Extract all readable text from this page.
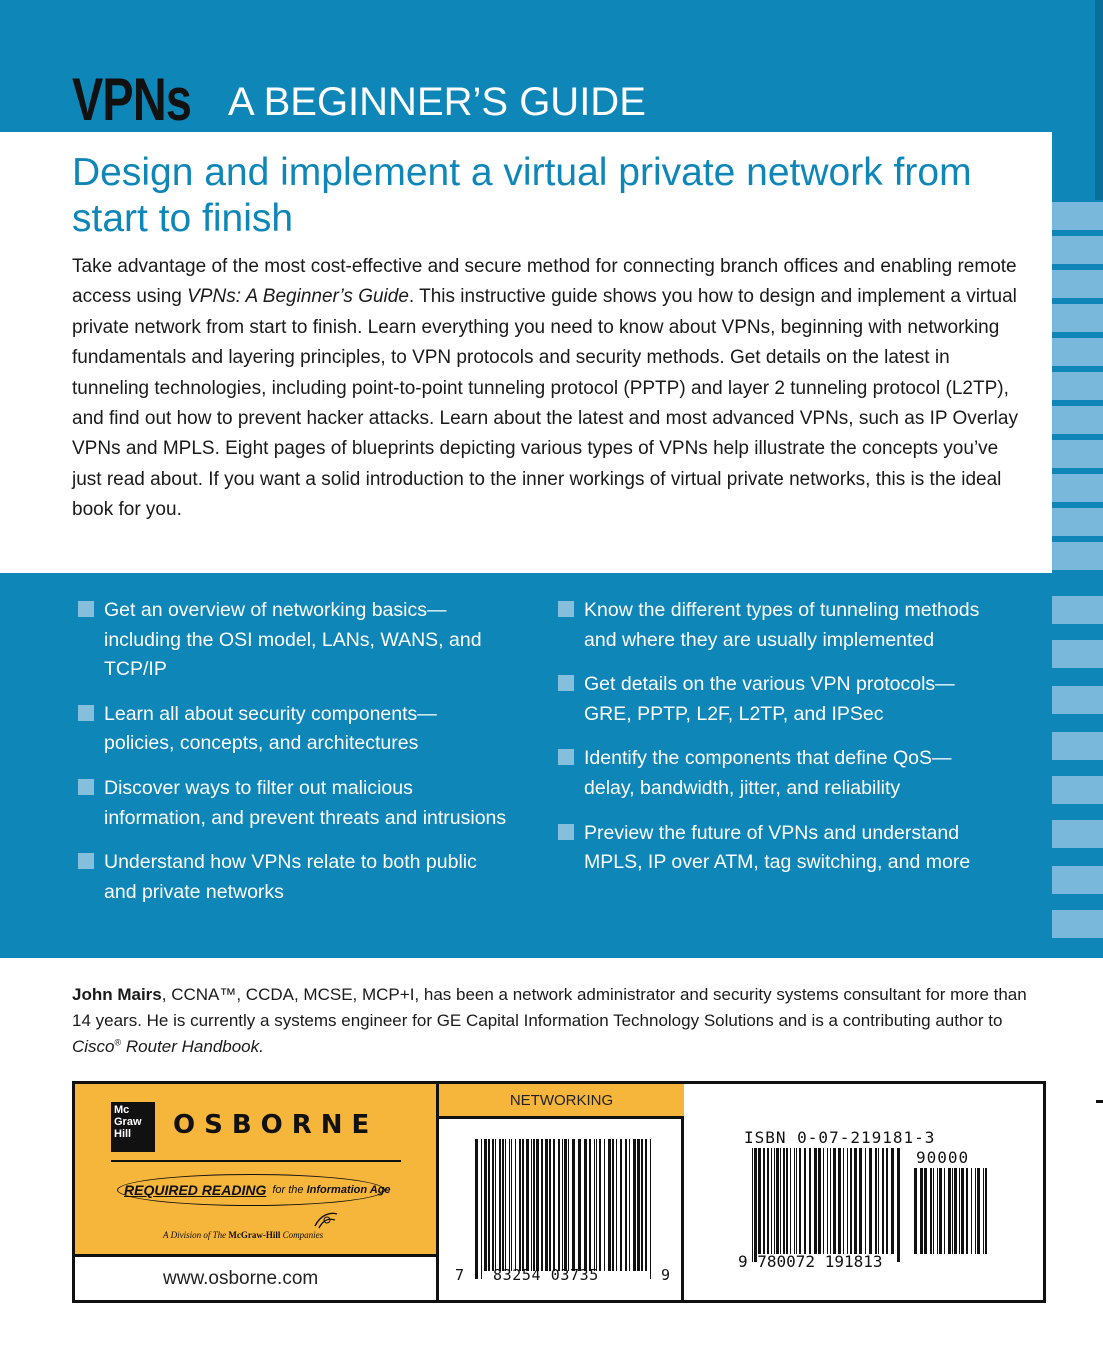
VPNs A BEGINNER’S GUIDE
Design and implement a virtual private network from start to finish

Take advantage of the most cost-effective and secure method for connecting branch offices and enabling remote access using VPNs: A Beginner’s Guide. This instructive guide shows you how to design and implement a virtual private network from start to finish. Learn everything you need to know about VPNs, beginning with networking fundamentals and layering principles, to VPN protocols and security methods. Get details on the latest in tunneling technologies, including point-to-point tunneling protocol (PPTP) and layer 2 tunneling protocol (L2TP), and find out how to prevent hacker attacks. Learn about the latest and most advanced VPNs, such as IP Overlay VPNs and MPLS. Eight pages of blueprints depicting various types of VPNs help illustrate the concepts you’ve just read about. If you want a solid introduction to the inner workings of virtual private networks, this is the ideal book for you.

Get an overview of networking basics— including the OSI model, LANs, WANS, and TCP/IP
Learn all about security components— policies, concepts, and architectures
Discover ways to filter out malicious information, and prevent threats and intrusions
Understand how VPNs relate to both public and private networks
Know the different types of tunneling methods and where they are usually implemented
Get details on the various VPN protocols— GRE, PPTP, L2F, L2TP, and IPSec
Identify the components that define QoS— delay, bandwidth, jitter, and reliability
Preview the future of VPNs and understand MPLS, IP over ATM, tag switching, and more

John Mairs, CCNA™, CCDA, MCSE, MCP+I, has been a network administrator and security systems consultant for more than 14 years. He is currently a systems engineer for GE Capital Information Technology Solutions and is a contributing author to Cisco® Router Handbook.

Mc
Graw
Hill	OSBORNE
REQUIRED READING for the Information Age
A Division of The McGraw-Hill Companies
www.osborne.com
NETWORKING
7 83254 03735	9
ISBN 0-07-219181-3
90000
9 780072 191813
